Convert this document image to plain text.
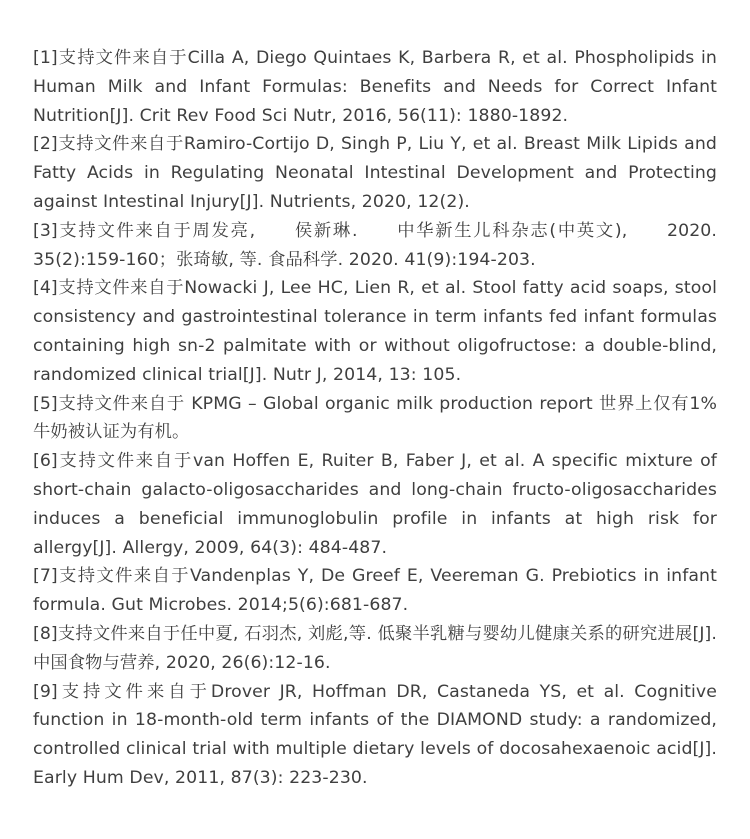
[1]支持文件来自于Cilla A, Diego Quintaes K, Barbera R, et al. Phospholipids in Human Milk and Infant Formulas: Benefits and Needs for Correct Infant Nutrition[J]. Crit Rev Food Sci Nutr, 2016, 56(11): 1880-1892.

[2]支持文件来自于Ramiro-Cortijo D, Singh P, Liu Y, et al. Breast Milk Lipids and Fatty Acids in Regulating Neonatal Intestinal Development and Protecting against Intestinal Injury[J]. Nutrients, 2020, 12(2).

[3]支持文件来自于周发亮,　　侯新琳.　　中华新生儿科杂志(中英文),　　2020. 35(2):159-160；张琦敏, 等. 食品科学. 2020. 41(9):194-203.

[4]支持文件来自于Nowacki J, Lee HC, Lien R, et al. Stool fatty acid soaps, stool consistency and gastrointestinal tolerance in term infants fed infant formulas containing high sn-2 palmitate with or without oligofructose: a double-blind, randomized clinical trial[J]. Nutr J, 2014, 13: 105.

[5]支持文件来自于 KPMG – Global organic milk production report 世界上仅有1%牛奶被认证为有机。

[6]支持文件来自于van Hoffen E, Ruiter B, Faber J, et al. A specific mixture of short-chain galacto-oligosaccharides and long-chain fructo-oligosaccharides induces a beneficial immunoglobulin profile in infants at high risk for allergy[J]. Allergy, 2009, 64(3): 484-487.

[7]支持文件来自于Vandenplas Y, De Greef E, Veereman G. Prebiotics in infant formula. Gut Microbes. 2014;5(6):681-687.

[8]支持文件来自于任中夏, 石羽杰, 刘彪,等. 低聚半乳糖与婴幼儿健康关系的研究进展[J]. 中国食物与营养, 2020, 26(6):12-16.

[9]支持文件来自于Drover JR, Hoffman DR, Castaneda YS, et al. Cognitive function in 18-month-old term infants of the DIAMOND study: a randomized, controlled clinical trial with multiple dietary levels of docosahexaenoic acid[J]. Early Hum Dev, 2011, 87(3): 223-230.
